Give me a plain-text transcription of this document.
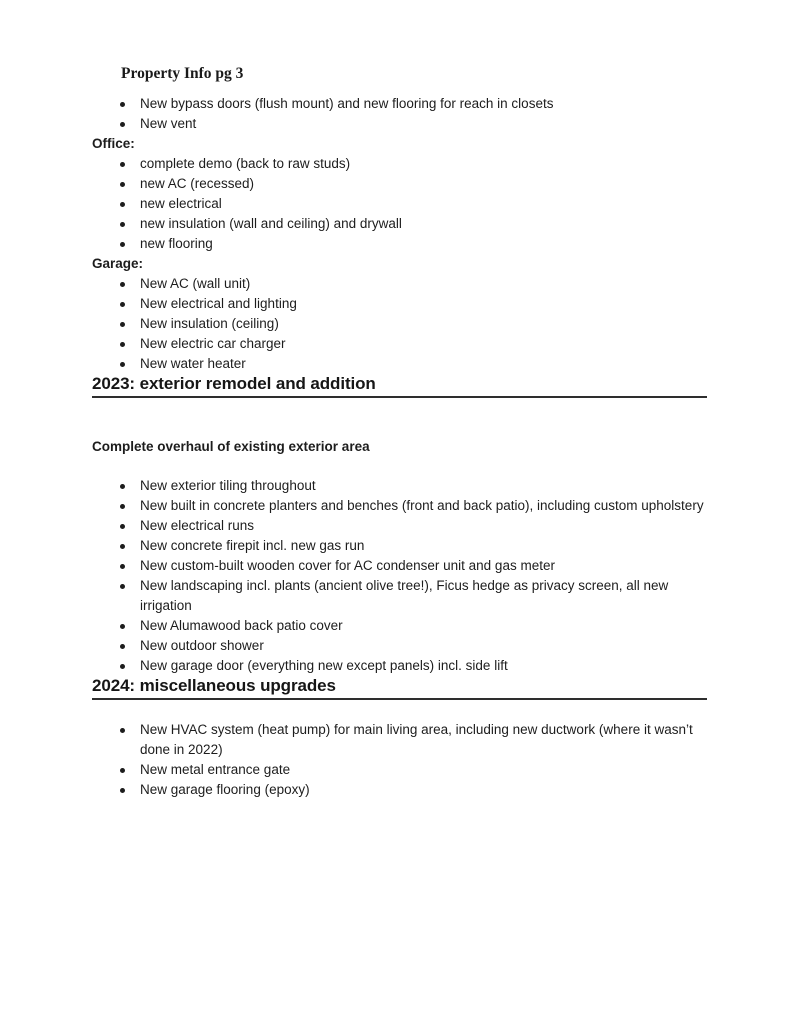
Property Info pg 3
New bypass doors (flush mount) and new flooring for reach in closets
New vent

Office:

complete demo (back to raw studs)
new AC (recessed)
new electrical
new insulation (wall and ceiling) and drywall
new flooring

Garage:

New AC (wall unit)
New electrical and lighting
New insulation (ceiling)
New electric car charger
New water heater
2023: exterior remodel and addition

Complete overhaul of existing exterior area

New exterior tiling throughout
New built in concrete planters and benches (front and back patio), including custom upholstery
New electrical runs
New concrete firepit incl. new gas run
New custom-built wooden cover for AC condenser unit and gas meter
New landscaping incl. plants (ancient olive tree!), Ficus hedge as privacy screen, all new irrigation
New Alumawood back patio cover
New outdoor shower
New garage door (everything new except panels) incl. side lift
2024: miscellaneous upgrades
New HVAC system (heat pump) for main living area, including new ductwork (where it wasn’t done in 2022)
New metal entrance gate
New garage flooring (epoxy)
